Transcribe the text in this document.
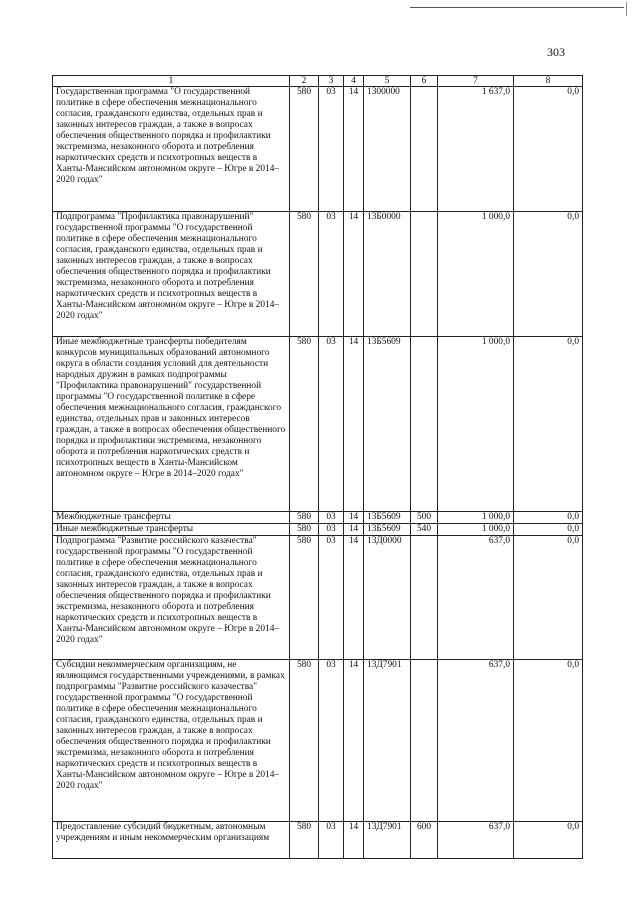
303
1	2	3	4	5	6	7	8
Государственная программа "О государственной политике в сфере обеспечения межнационального согласия, гражданского единства, отдельных прав и законных интересов граждан, а также в вопросах обеспечения общественного порядка и профилактики экстремизма, незаконного оборота и потребления наркотических средств и психотропных веществ в Ханты-Мансийском автономном округе – Югре в 2014–2020 годах"	580	03	14	1300000		1 637,0	0,0
Подпрограмма "Профилактика правонарушений" государственной программы "О государственной политике в сфере обеспечения межнационального согласия, гражданского единства, отдельных прав и законных интересов граждан, а также в вопросах обеспечения общественного порядка и профилактики экстремизма, незаконного оборота и потребления наркотических средств и психотропных веществ в Ханты-Мансийском автономном округе – Югре в 2014–2020 годах"	580	03	14	13Б0000		1 000,0	0,0
Иные межбюджетные трансферты победителям конкурсов муниципальных образований автономного округа в области создания условий для деятельности народных дружин в рамках подпрограммы "Профилактика правонарушений" государственной программы "О государственной политике в сфере обеспечения межнационального согласия, гражданского единства, отдельных прав и законных интересов граждан, а также в вопросах обеспечения общественного порядка и профилактики экстремизма, незаконного оборота и потребления наркотических средств и психотропных веществ в Ханты-Мансийском автономном округе – Югре в 2014–2020 годах"	580	03	14	13Б5609		1 000,0	0,0
Межбюджетные трансферты	580	03	14	13Б5609	500	1 000,0	0,0
Иные межбюджетные трансферты	580	03	14	13Б5609	540	1 000,0	0,0
Подпрограмма "Развитие российского казачества" государственной программы "О государственной политике в сфере обеспечения межнационального согласия, гражданского единства, отдельных прав и законных интересов граждан, а также в вопросах обеспечения общественного порядка и профилактики экстремизма, незаконного оборота и потребления наркотических средств и психотропных веществ в Ханты-Мансийском автономном округе – Югре в 2014–2020 годах"	580	03	14	13Д0000		637,0	0,0
Субсидии некоммерческим организациям, не являющимся государственными учреждениями, в рамках подпрограммы "Развитие российского казачества" государственной программы "О государственной политике в сфере обеспечения межнационального согласия, гражданского единства, отдельных прав и законных интересов граждан, а также в вопросах обеспечения общественного порядка и профилактики экстремизма, незаконного оборота и потребления наркотических средств и психотропных веществ в Ханты-Мансийском автономном округе – Югре в 2014–2020 годах"	580	03	14	13Д7901		637,0	0,0
Предоставление субсидий бюджетным, автономным учреждениям и иным некоммерческим организациям	580	03	14	13Д7901	600	637,0	0,0
